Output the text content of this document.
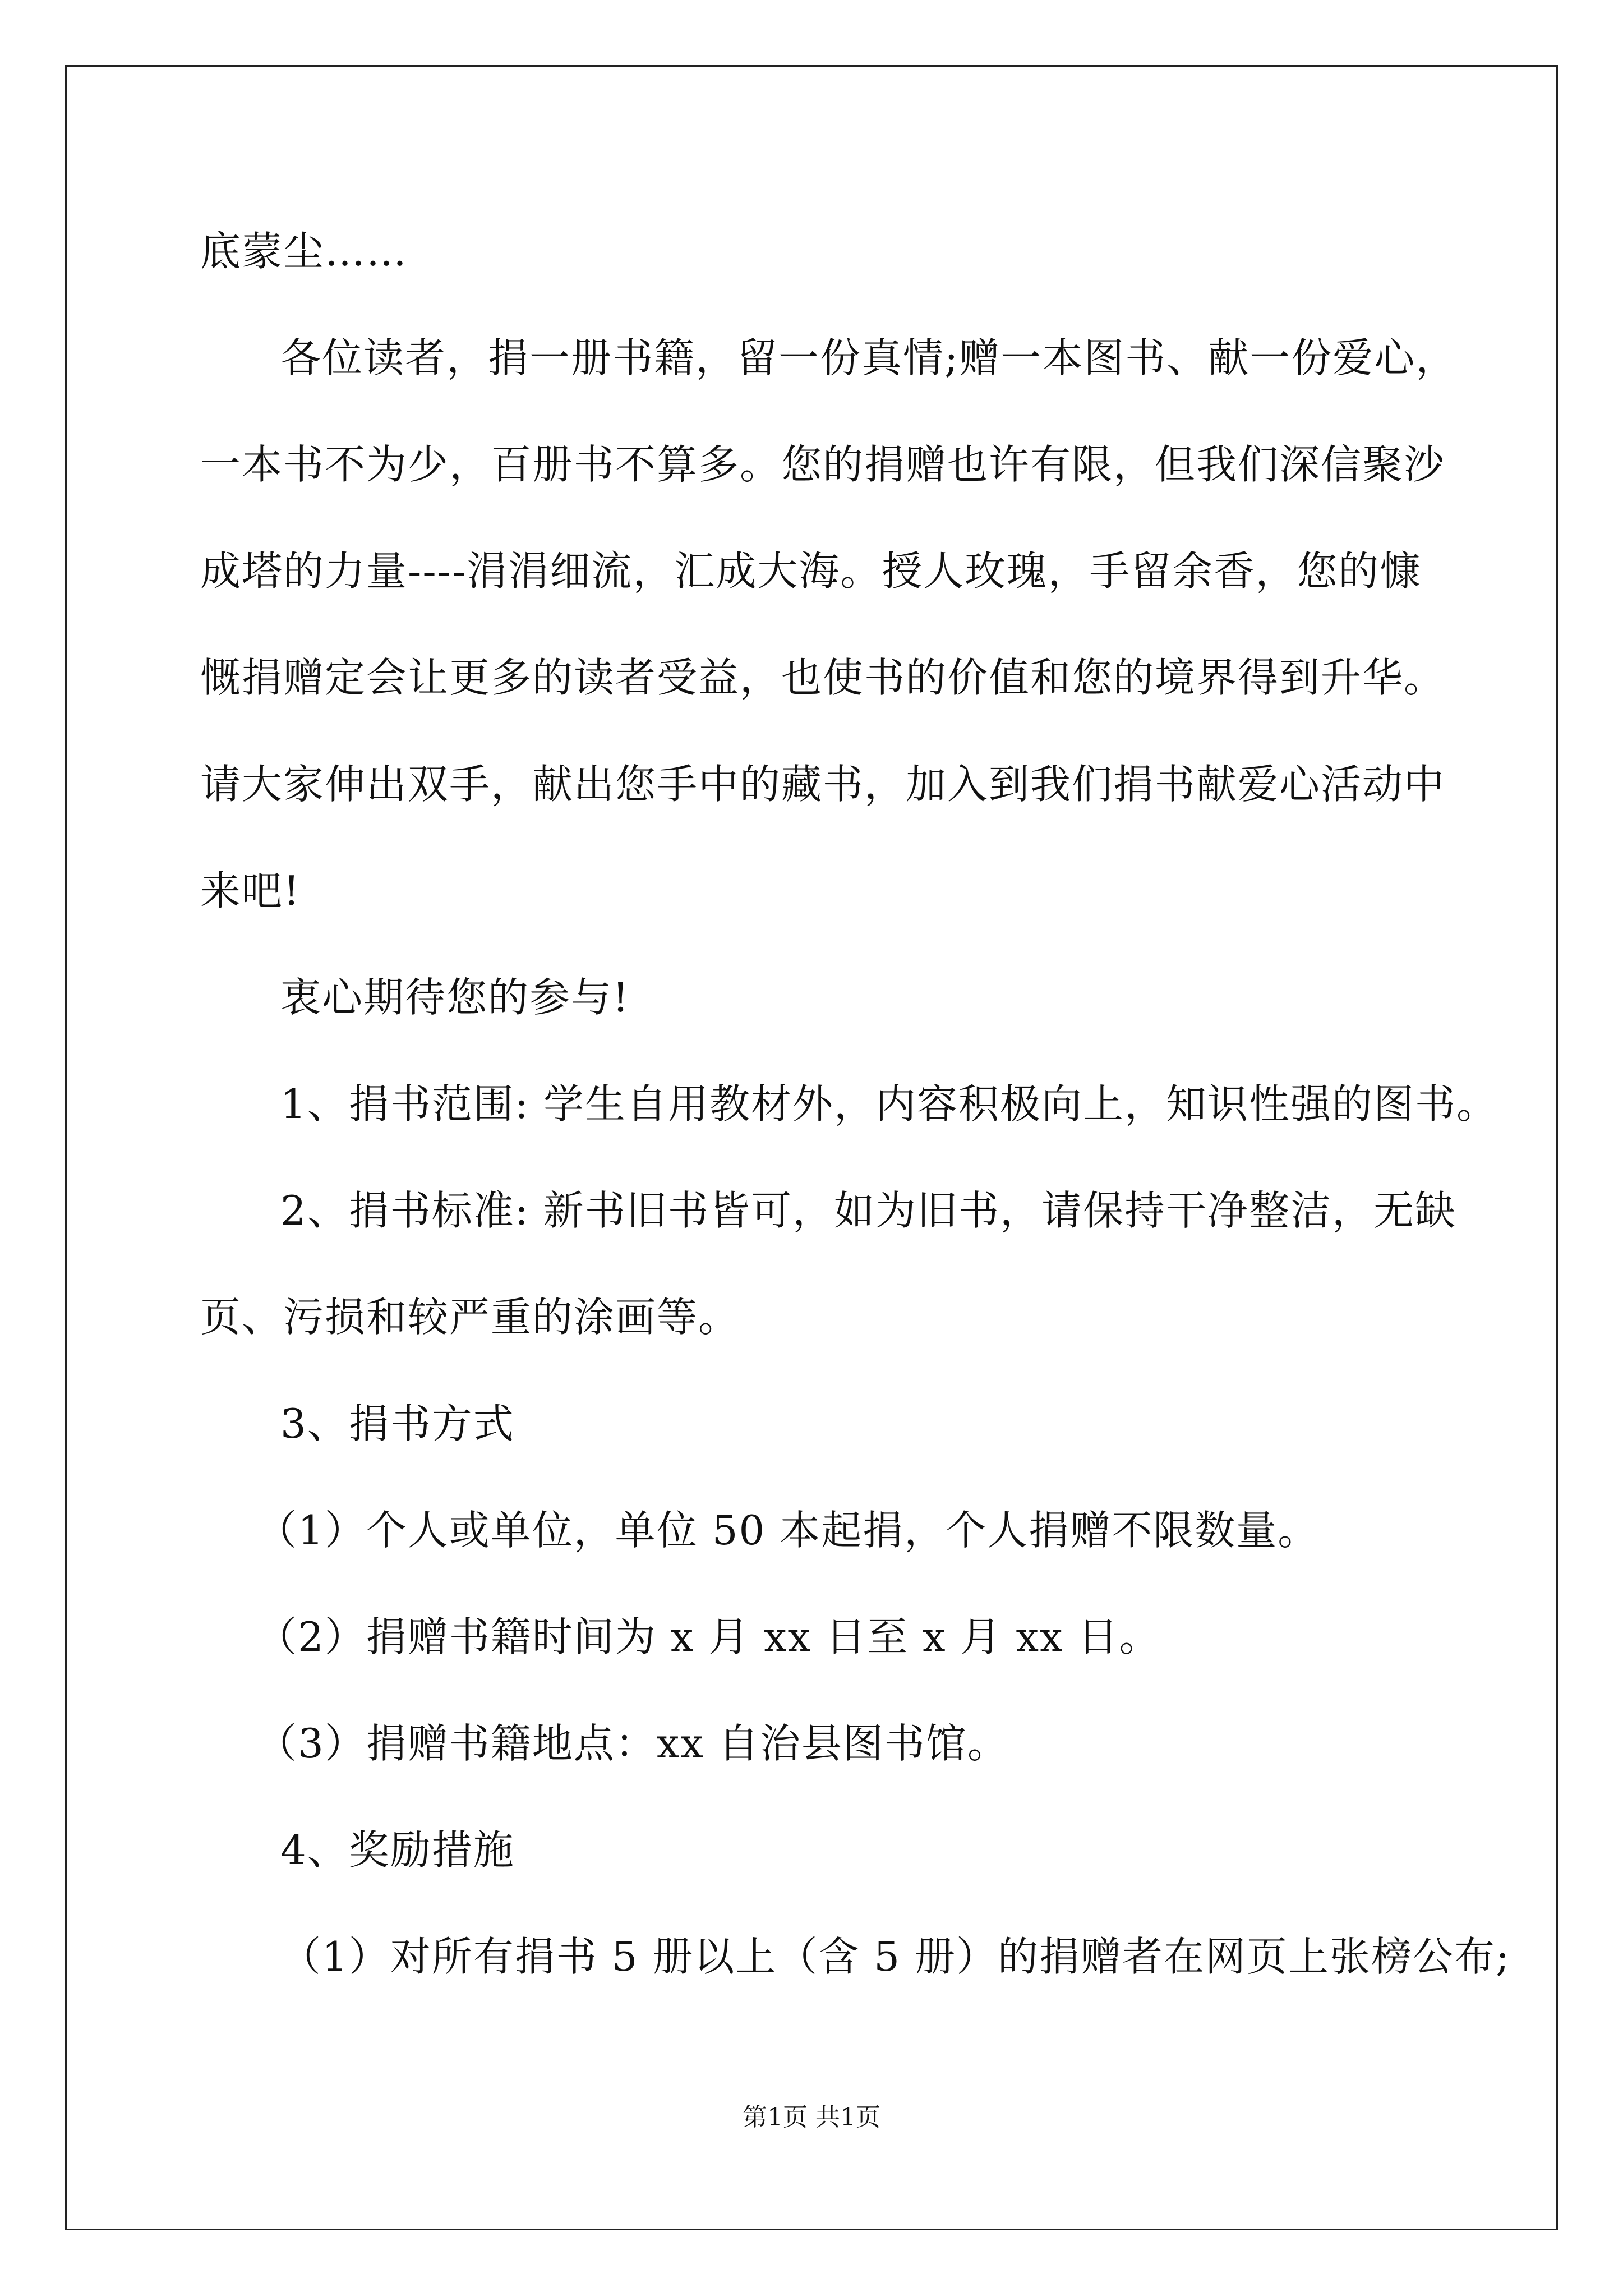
底蒙尘……
各位读者，捐一册书籍，留一份真情;赠一本图书、献一份爱心，
一本书不为少，百册书不算多。您的捐赠也许有限，但我们深信聚沙
成塔的力量----涓涓细流，汇成大海。授人玫瑰，手留余香，您的慷
慨捐赠定会让更多的读者受益，也使书的价值和您的境界得到升华。
请大家伸出双手，献出您手中的藏书，加入到我们捐书献爱心活动中
来吧!
衷心期待您的参与!
1、捐书范围: 学生自用教材外，内容积极向上，知识性强的图书。
2、捐书标准: 新书旧书皆可，如为旧书，请保持干净整洁，无缺
页、污损和较严重的涂画等。
3、捐书方式
（1）个人或单位，单位 50 本起捐，个人捐赠不限数量。
（2）捐赠书籍时间为 x 月 xx 日至 x 月 xx 日。
（3）捐赠书籍地点：xx 自治县图书馆。
4、奖励措施
（1）对所有捐书 5 册以上（含 5 册）的捐赠者在网页上张榜公布;
第1页 共1页
